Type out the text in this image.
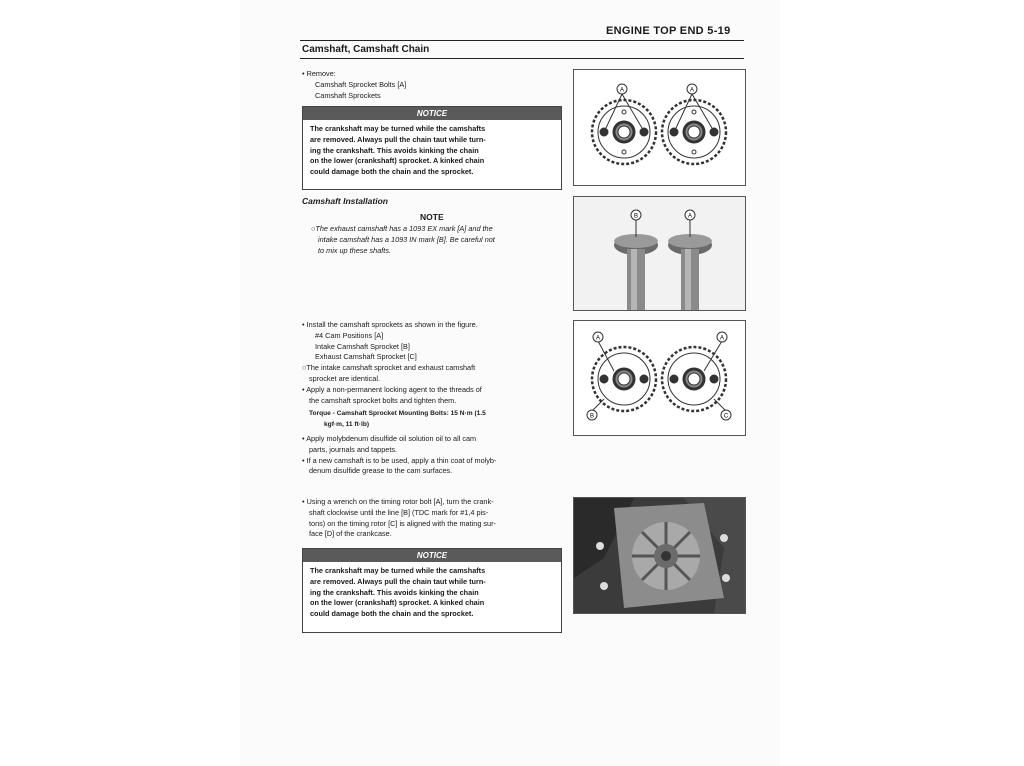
ENGINE TOP END 5-19
Camshaft, Camshaft Chain
• Remove:
Camshaft Sprocket Bolts [A]
Camshaft Sprockets
NOTICE
The crankshaft may be turned while the camshafts
are removed. Always pull the chain taut while turn-
ing the crankshaft. This avoids kinking the chain
on the lower (crankshaft) sprocket. A kinked chain
could damage both the chain and the sprocket.
Camshaft Installation
NOTE
○The exhaust camshaft has a 1093 EX mark [A] and the
intake camshaft has a 1093 IN mark [B]. Be careful not
to mix up these shafts.
• Install the camshaft sprockets as shown in the figure.
#4 Cam Positions [A]
Intake Camshaft Sprocket [B]
Exhaust Camshaft Sprocket [C]
○The intake camshaft sprocket and exhaust camshaft
sprocket are identical.
• Apply a non-permanent locking agent to the threads of
the camshaft sprocket bolts and tighten them.
Torque - Camshaft Sprocket Mounting Bolts: 15 N·m (1.5
kgf·m, 11 ft·lb)
• Apply molybdenum disulfide oil solution oil to all cam
parts, journals and tappets.
• If a new camshaft is to be used, apply a thin coat of molyb-
denum disulfide grease to the cam surfaces.
• Using a wrench on the timing rotor bolt [A], turn the crank-
shaft clockwise until the line [B] (TDC mark for #1,4 pis-
tons) on the timing rotor [C] is aligned with the mating sur-
face [D] of the crankcase.
NOTICE
The crankshaft may be turned while the camshafts
are removed. Always pull the chain taut while turn-
ing the crankshaft. This avoids kinking the chain
on the lower (crankshaft) sprocket. A kinked chain
could damage both the chain and the sprocket.
A	A
B	A
A	A
B	C
